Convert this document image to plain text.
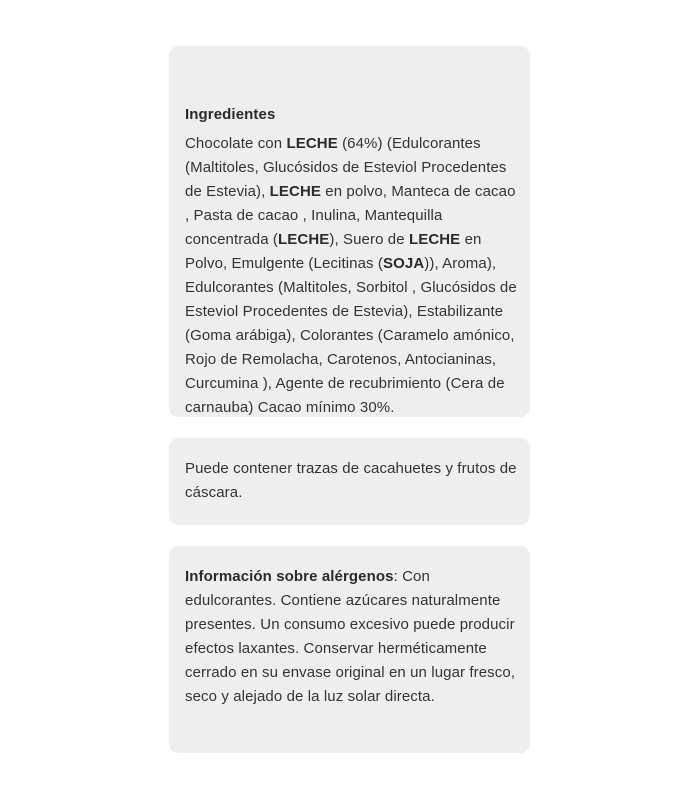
Ingredientes

Chocolate con LECHE (64%) (Edulcorantes (Maltitoles, Glucósidos de Esteviol Procedentes de Estevia), LECHE en polvo, Manteca de cacao , Pasta de cacao , Inulina, Mantequilla concentrada (LECHE), Suero de LECHE en Polvo, Emulgente (Lecitinas (SOJA)), Aroma), Edulcorantes (Maltitoles, Sorbitol , Glucósidos de Esteviol Procedentes de Estevia), Estabilizante (Goma arábiga), Colorantes (Caramelo amónico, Rojo de Remolacha, Carotenos, Antocianinas, Curcumina ), Agente de recubrimiento (Cera de carnauba) Cacao mínimo 30%.

Puede contener trazas de cacahuetes y frutos de cáscara.

Información sobre alérgenos: Con edulcorantes. Contiene azúcares naturalmente presentes. Un consumo excesivo puede producir efectos laxantes. Conservar herméticamente cerrado en su envase original en un lugar fresco, seco y alejado de la luz solar directa.
